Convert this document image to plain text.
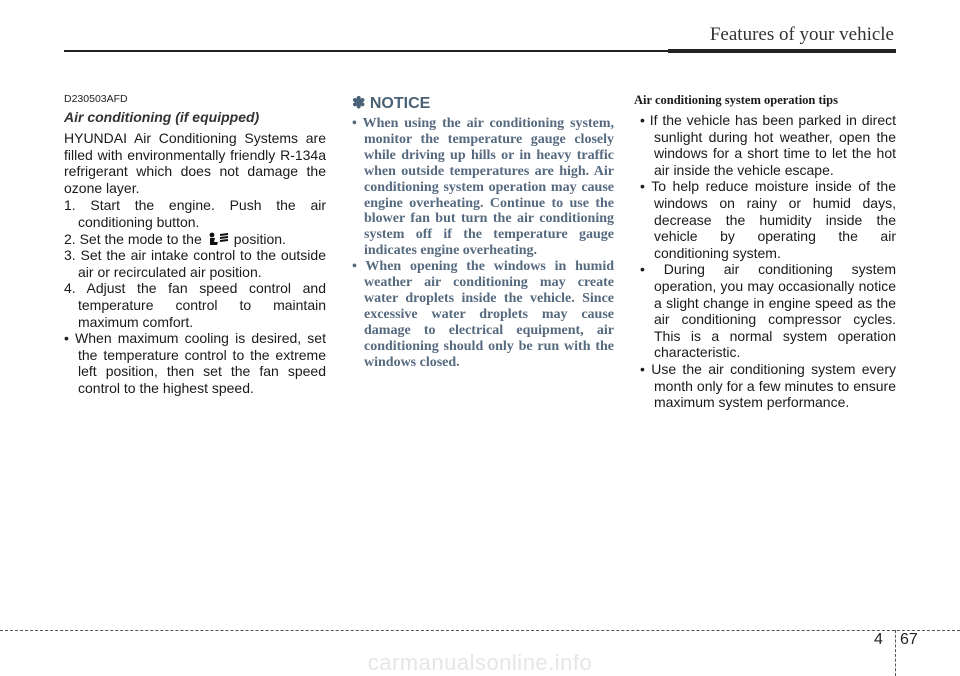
Features of your vehicle
D230503AFD
Air conditioning (if equipped)

HYUNDAI Air Conditioning Systems are filled with environmentally friendly R-134a refrigerant which does not damage the ozone layer.

1. Start the engine. Push the air conditioning button.

2. Set the mode to the position.

3. Set the air intake control to the outside air or recirculated air position.

4. Adjust the fan speed control and temperature control to maintain maximum comfort.

• When maximum cooling is desired, set the temperature control to the extreme left position, then set the fan speed control to the highest speed.

✽ NOTICE

• When using the air conditioning system, monitor the temperature gauge closely while driving up hills or in heavy traffic when outside temperatures are high. Air conditioning system operation may cause engine overheating. Continue to use the blower fan but turn the air conditioning system off if the temperature gauge indicates engine overheating.

• When opening the windows in humid weather air conditioning may create water droplets inside the vehicle. Since excessive water droplets may cause damage to electrical equipment, air conditioning should only be run with the windows closed.

Air conditioning system operation tips

• If the vehicle has been parked in direct sunlight during hot weather, open the windows for a short time to let the hot air inside the vehicle escape.

• To help reduce moisture inside of the windows on rainy or humid days, decrease the humidity inside the vehicle by operating the air conditioning system.

• During air conditioning system operation, you may occasionally notice a slight change in engine speed as the air conditioning compressor cycles. This is a normal system operation characteristic.

• Use the air conditioning system every month only for a few minutes to ensure maximum system performance.

4 67
carmanualsonline.info
